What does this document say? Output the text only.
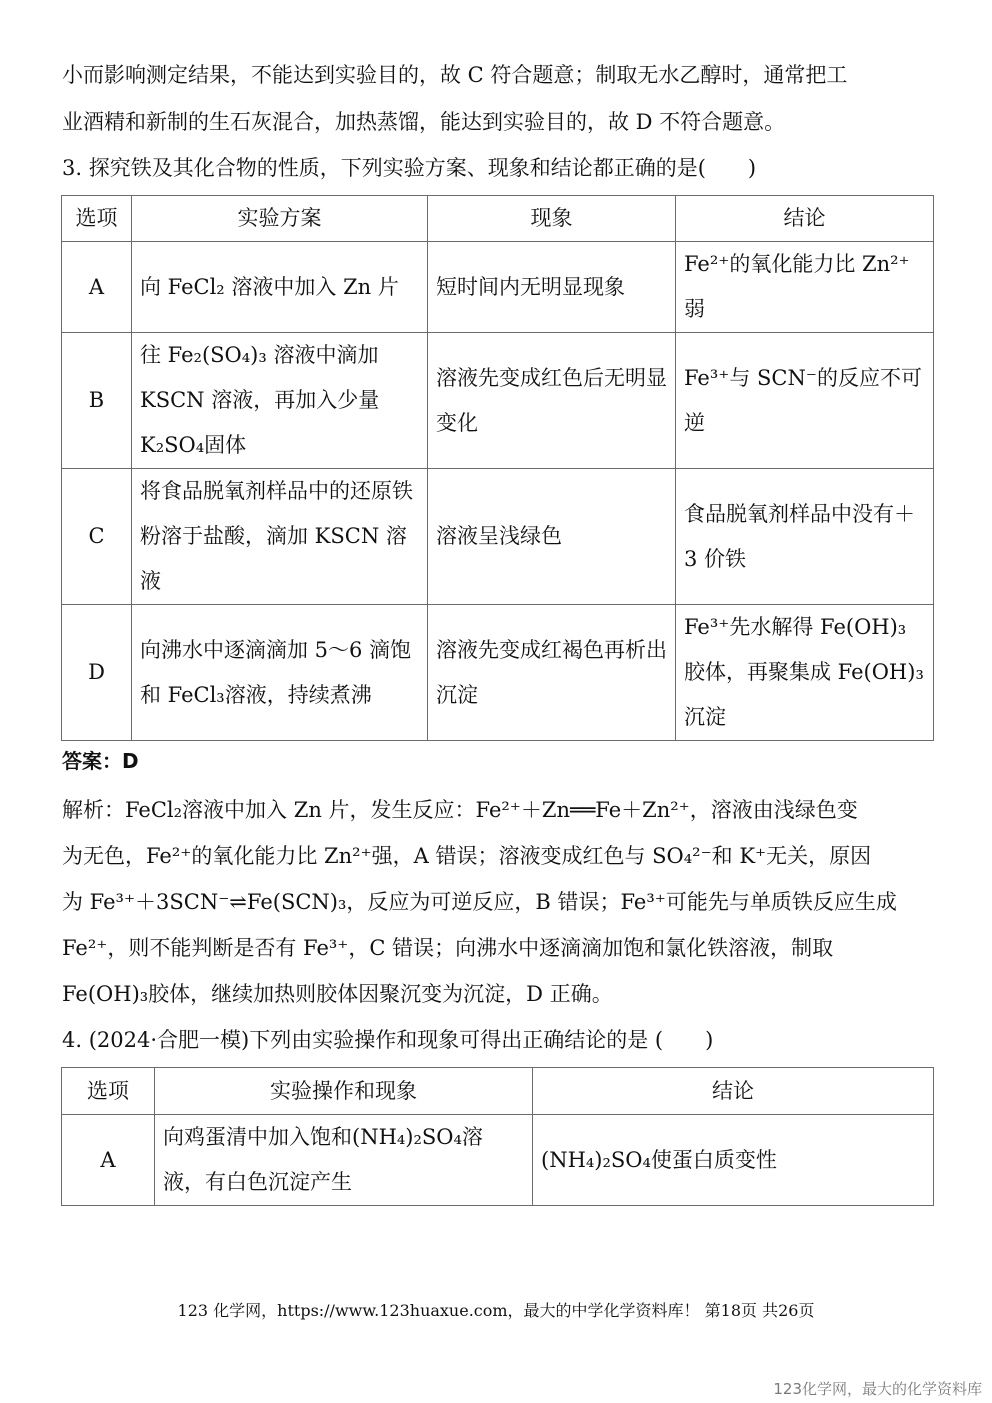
小而影响测定结果，不能达到实验目的，故 C 符合题意；制取无水乙醇时，通常把工
业酒精和新制的生石灰混合，加热蒸馏，能达到实验目的，故 D 不符合题意。
3. 探究铁及其化合物的性质，下列实验方案、现象和结论都正确的是(　　)
选项	实验方案	现象	结论
A	向 FeCl₂ 溶液中加入 Zn 片	短时间内无明显现象	Fe²⁺的氧化能力比 Zn²⁺弱
B	往 Fe₂(SO₄)₃ 溶液中滴加 KSCN 溶液，再加入少量 K₂SO₄固体	溶液先变成红色后无明显变化	Fe³⁺与 SCN⁻的反应不可逆
C	将食品脱氧剂样品中的还原铁粉溶于盐酸，滴加 KSCN 溶液	溶液呈浅绿色	食品脱氧剂样品中没有＋3 价铁
D	向沸水中逐滴滴加 5～6 滴饱和 FeCl₃溶液，持续煮沸	溶液先变成红褐色再析出沉淀	Fe³⁺先水解得 Fe(OH)₃胶体，再聚集成 Fe(OH)₃沉淀
答案：D
解析：FeCl₂溶液中加入 Zn 片，发生反应：Fe²⁺＋Zn══Fe＋Zn²⁺，溶液由浅绿色变
为无色，Fe²⁺的氧化能力比 Zn²⁺强，A 错误；溶液变成红色与 SO₄²⁻和 K⁺无关，原因
为 Fe³⁺＋3SCN⁻⇌Fe(SCN)₃，反应为可逆反应，B 错误；Fe³⁺可能先与单质铁反应生成
Fe²⁺，则不能判断是否有 Fe³⁺，C 错误；向沸水中逐滴滴加饱和氯化铁溶液，制取
Fe(OH)₃胶体，继续加热则胶体因聚沉变为沉淀，D 正确。
4. (2024·合肥一模)下列由实验操作和现象可得出正确结论的是 (　　)
选项	实验操作和现象	结论
A	向鸡蛋清中加入饱和(NH₄)₂SO₄溶液，有白色沉淀产生	(NH₄)₂SO₄使蛋白质变性
123 化学网，https://www.123huaxue.com，最大的中学化学资料库！ 第18页 共26页
123化学网，最大的化学资料库
